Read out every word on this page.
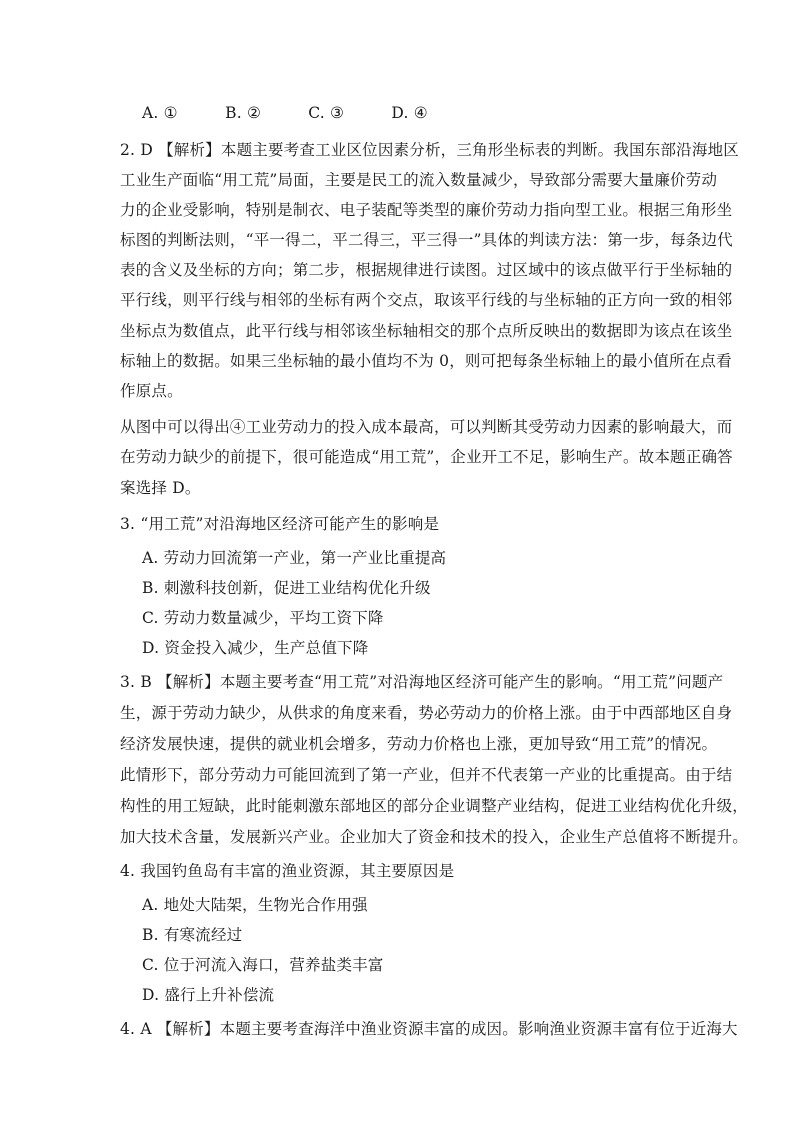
A. ①	B. ②	C. ③	D. ④
2. D 【解析】本题主要考查工业区位因素分析，三角形坐标表的判断。我国东部沿海地区
工业生产面临“用工荒”局面，主要是民工的流入数量减少，导致部分需要大量廉价劳动
力的企业受影响，特别是制衣、电子装配等类型的廉价劳动力指向型工业。根据三角形坐
标图的判断法则，“平一得二，平二得三，平三得一”具体的判读方法：第一步，每条边代
表的含义及坐标的方向；第二步，根据规律进行读图。过区域中的该点做平行于坐标轴的
平行线，则平行线与相邻的坐标有两个交点，取该平行线的与坐标轴的正方向一致的相邻
坐标点为数值点，此平行线与相邻该坐标轴相交的那个点所反映出的数据即为该点在该坐
标轴上的数据。如果三坐标轴的最小值均不为 0，则可把每条坐标轴上的最小值所在点看
作原点。
从图中可以得出④工业劳动力的投入成本最高，可以判断其受劳动力因素的影响最大，而
在劳动力缺少的前提下，很可能造成“用工荒”，企业开工不足，影响生产。故本题正确答
案选择 D。
3. “用工荒”对沿海地区经济可能产生的影响是
A. 劳动力回流第一产业，第一产业比重提高
B. 刺激科技创新，促进工业结构优化升级
C. 劳动力数量减少，平均工资下降
D. 资金投入减少，生产总值下降
3. B 【解析】本题主要考查“用工荒”对沿海地区经济可能产生的影响。“用工荒”问题产
生，源于劳动力缺少，从供求的角度来看，势必劳动力的价格上涨。由于中西部地区自身
经济发展快速，提供的就业机会增多，劳动力价格也上涨，更加导致“用工荒”的情况。
此情形下，部分劳动力可能回流到了第一产业，但并不代表第一产业的比重提高。由于结
构性的用工短缺，此时能刺激东部地区的部分企业调整产业结构，促进工业结构优化升级，
加大技术含量，发展新兴产业。企业加大了资金和技术的投入，企业生产总值将不断提升。
4. 我国钓鱼岛有丰富的渔业资源，其主要原因是
A. 地处大陆架，生物光合作用强
B. 有寒流经过
C. 位于河流入海口，营养盐类丰富
D. 盛行上升补偿流
4. A 【解析】本题主要考查海洋中渔业资源丰富的成因。影响渔业资源丰富有位于近海大
